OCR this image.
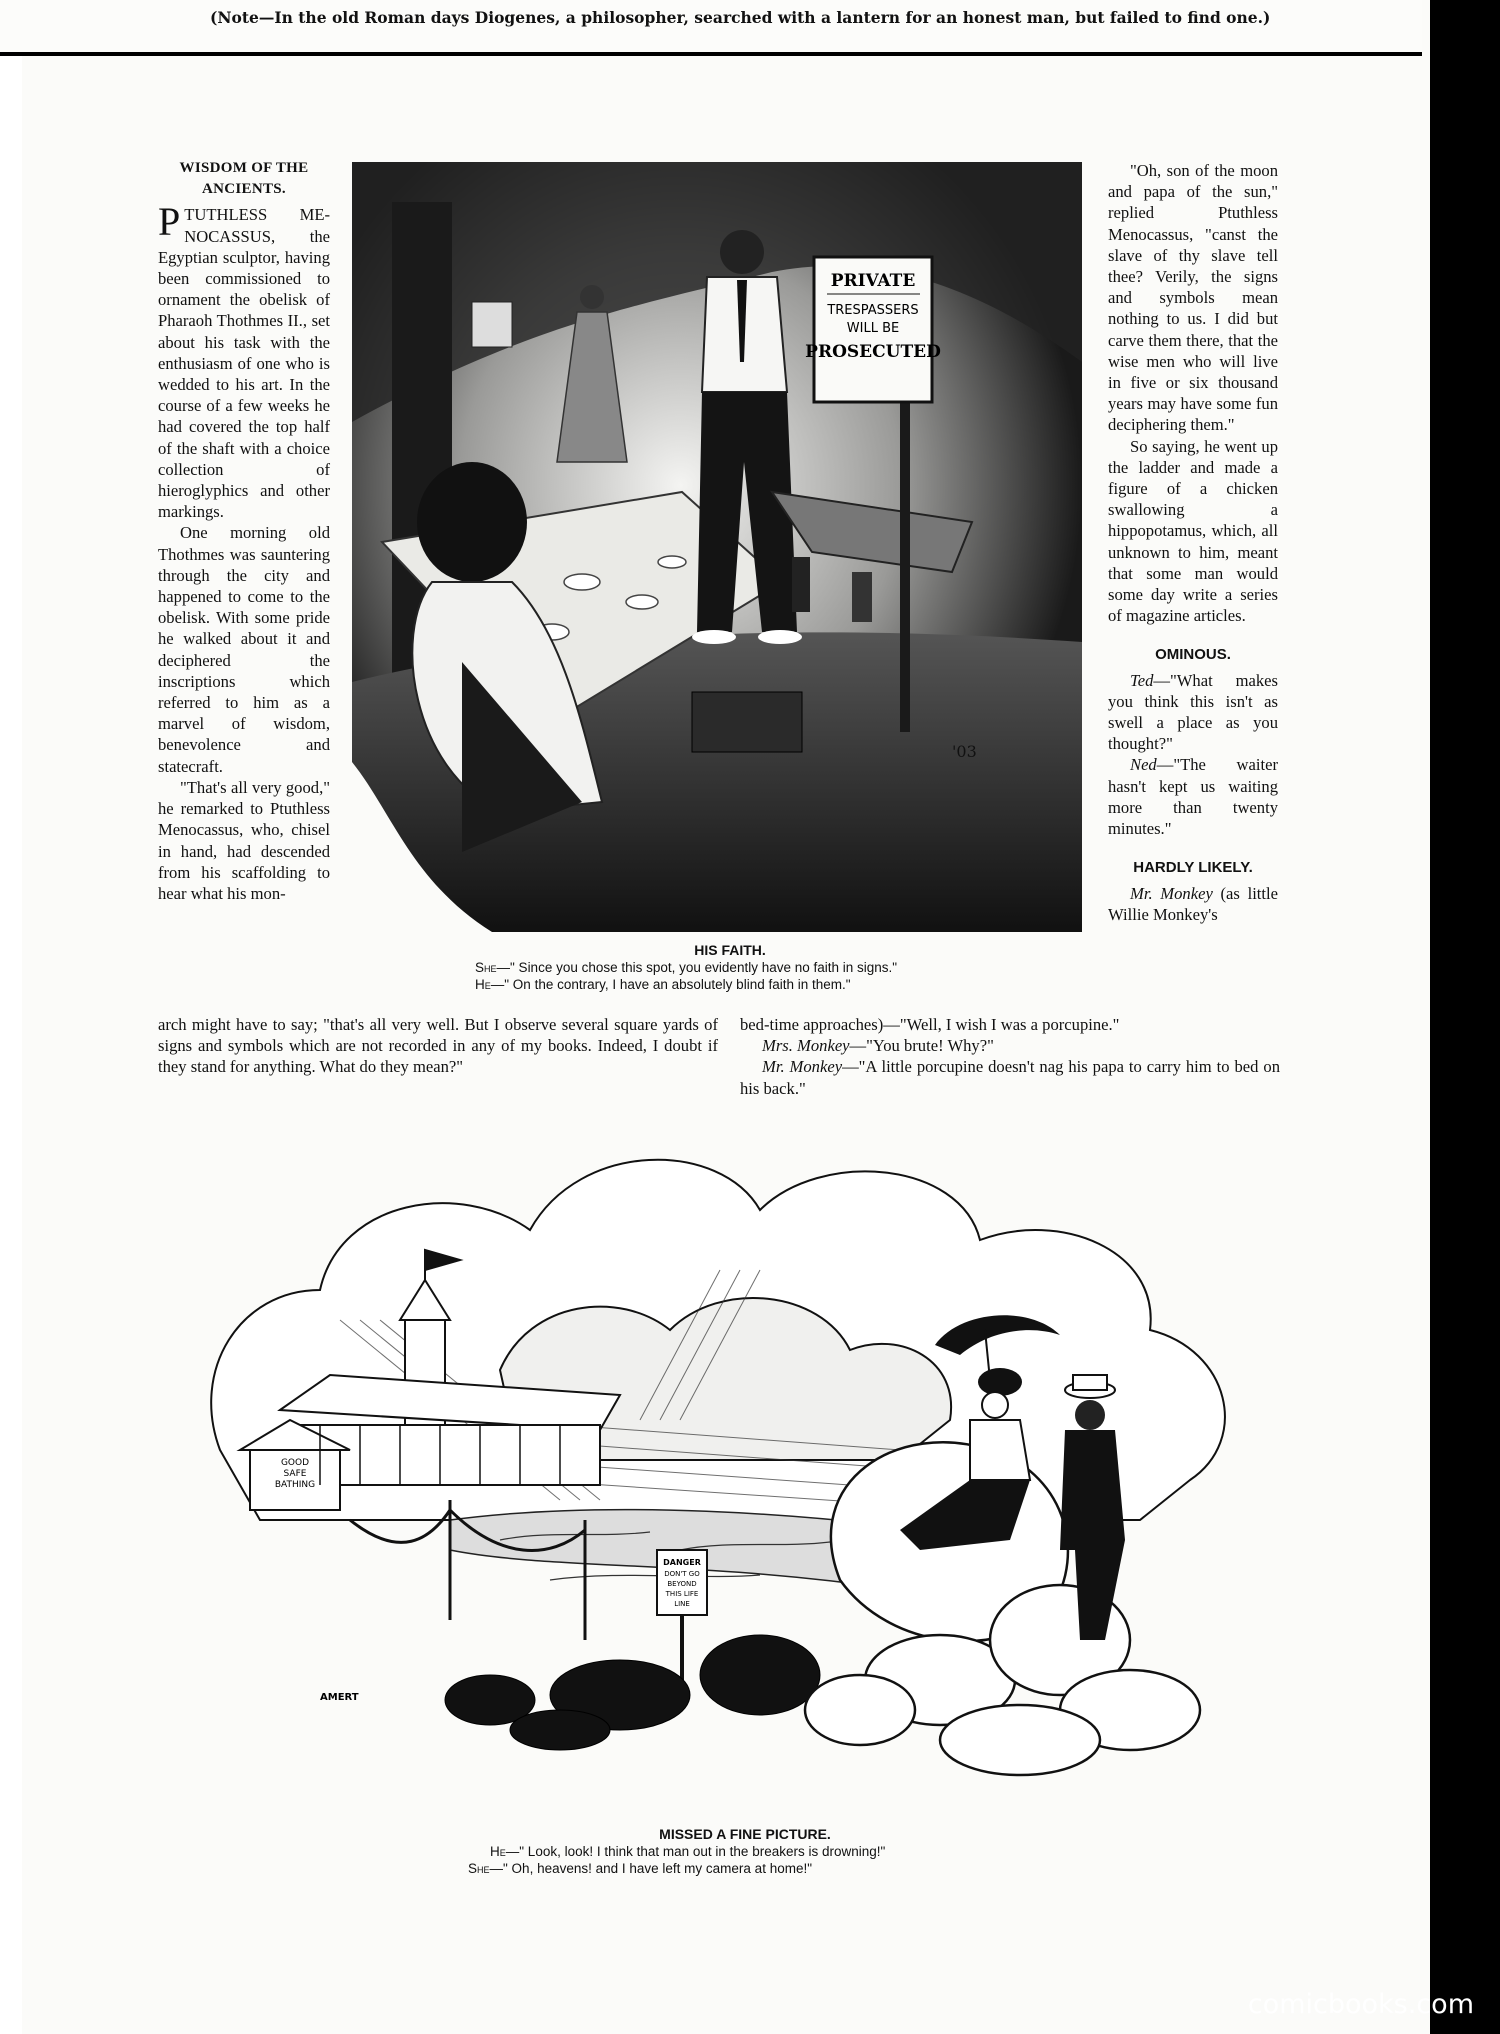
(Note—In the old Roman days Diogenes, a philosopher, searched with a lantern for an honest man, but failed to find one.)
WISDOM OF THE
ANCIENTS.

PTUTHLESS ME- NOCASSUS, the Egyptian sculptor, having been commissioned to ornament the obelisk of Pharaoh Thothmes II., set about his task with the enthusiasm of one who is wedded to his art. In the course of a few weeks he had covered the top half of the shaft with a choice collection of hieroglyphics and other markings.

One morning old Thothmes was sauntering through the city and happened to come to the obelisk. With some pride he walked about it and deciphered the inscriptions which referred to him as a marvel of wisdom, benevolence and statecraft.

"That's all very good," he remarked to Ptuthless Menocassus, who, chisel in hand, had descended from his scaffolding to hear what his mon-

PRIVATE
TRESPASSERS
WILL BE
PROSECUTED
'03
HIS FAITH.
She—" Since you chose this spot, you evidently have no faith in signs."
He—" On the contrary, I have an absolutely blind faith in them."

"Oh, son of the moon and papa of the sun," replied Ptuthless Menocassus, "canst the slave of thy slave tell thee? Verily, the signs and symbols mean nothing to us. I did but carve them there, that the wise men who will live in five or six thousand years may have some fun deciphering them."

So saying, he went up the ladder and made a figure of a chicken swallowing a hippopotamus, which, all unknown to him, meant that some man would some day write a series of magazine articles.

OMINOUS.

Ted—"What makes you think this isn't as swell a place as you thought?"

Ned—"The waiter hasn't kept us waiting more than twenty minutes."

HARDLY LIKELY.

Mr. Monkey (as little Willie Monkey's

arch might have to say; "that's all very well. But I observe several square yards of signs and symbols which are not recorded in any of my books. Indeed, I doubt if they stand for anything. What do they mean?"

bed-time approaches)—"Well, I wish I was a porcupine."

Mrs. Monkey—"You brute! Why?"

Mr. Monkey—"A little porcupine doesn't nag his papa to carry him to bed on his back."

GOOD
SAFE
BATHING
DANGER
DON'T GO
BEYOND
THIS LIFE
LINE
AMERT
MISSED A FINE PICTURE.
He—" Look, look! I think that man out in the breakers is drowning!"
She—" Oh, heavens! and I have left my camera at home!"
comicbooks.com
